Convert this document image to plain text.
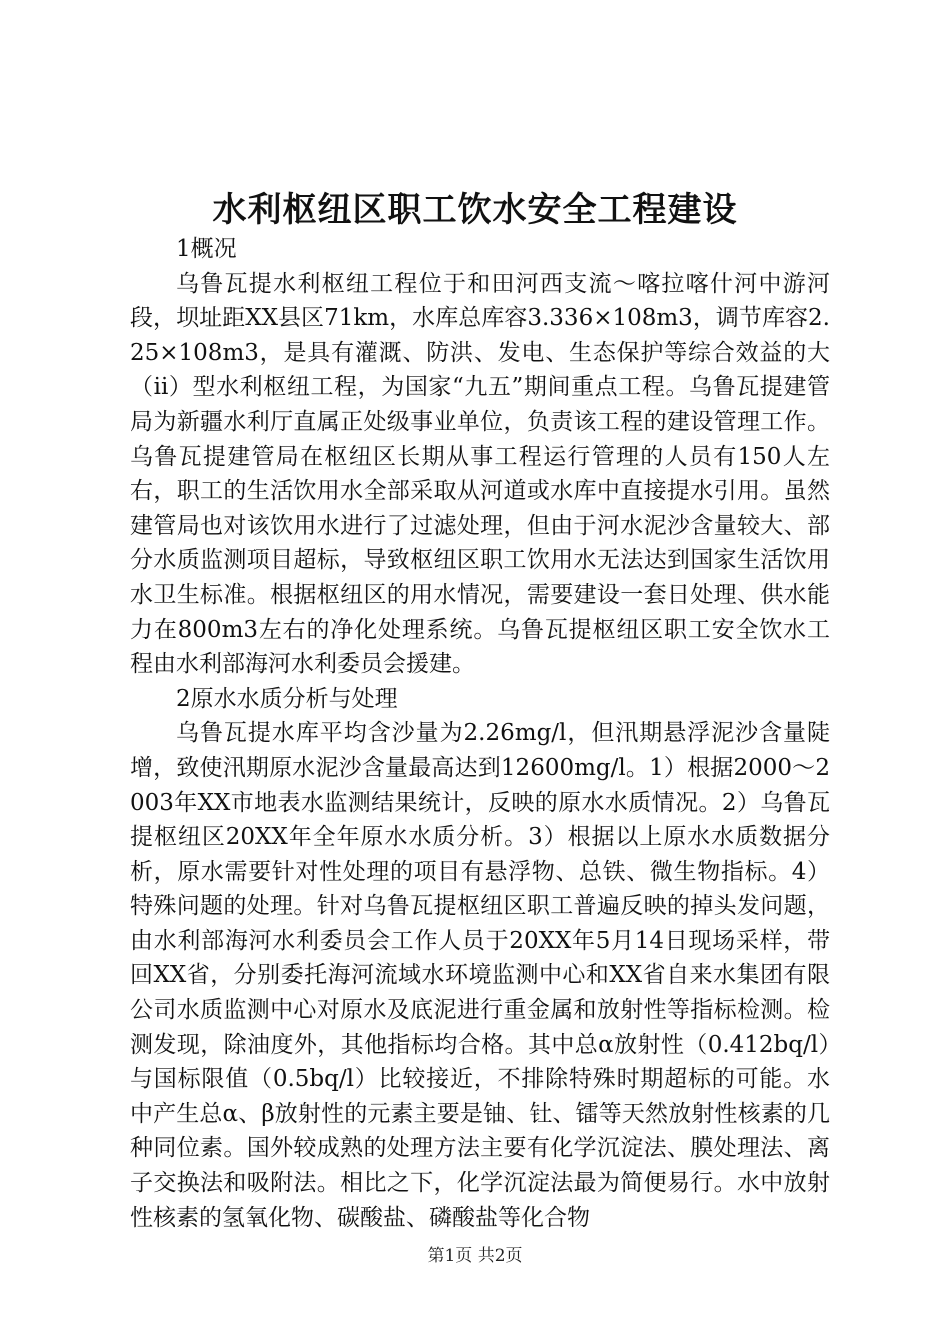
水利枢纽区职工饮水安全工程建设
1概况

乌鲁瓦提水利枢纽工程位于和田河西支流～喀拉喀什河中游河段，坝址距XX县区71km，水库总库容3.336×108m3，调节库容2.25×108m3，是具有灌溉、防洪、发电、生态保护等综合效益的大（ii）型水利枢纽工程，为国家“九五”期间重点工程。乌鲁瓦提建管局为新疆水利厅直属正处级事业单位，负责该工程的建设管理工作。乌鲁瓦提建管局在枢纽区长期从事工程运行管理的人员有150人左右，职工的生活饮用水全部采取从河道或水库中直接提水引用。虽然建管局也对该饮用水进行了过滤处理，但由于河水泥沙含量较大、部分水质监测项目超标，导致枢纽区职工饮用水无法达到国家生活饮用水卫生标准。根据枢纽区的用水情况，需要建设一套日处理、供水能力在800m3左右的净化处理系统。乌鲁瓦提枢纽区职工安全饮水工程由水利部海河水利委员会援建。

2原水水质分析与处理

乌鲁瓦提水库平均含沙量为2.26mg/l，但汛期悬浮泥沙含量陡增，致使汛期原水泥沙含量最高达到12600mg/l。1）根据2000～2003年XX市地表水监测结果统计，反映的原水水质情况。2）乌鲁瓦提枢纽区20XX年全年原水水质分析。3）根据以上原水水质数据分析，原水需要针对性处理的项目有悬浮物、总铁、微生物指标。4）特殊问题的处理。针对乌鲁瓦提枢纽区职工普遍反映的掉头发问题，由水利部海河水利委员会工作人员于20XX年5月14日现场采样，带回XX省，分别委托海河流域水环境监测中心和XX省自来水集团有限公司水质监测中心对原水及底泥进行重金属和放射性等指标检测。检测发现，除油度外，其他指标均合格。其中总α放射性（0.412bq/l）与国标限值（0.5bq/l）比较接近，不排除特殊时期超标的可能。水中产生总α、β放射性的元素主要是铀、钍、镭等天然放射性核素的几种同位素。国外较成熟的处理方法主要有化学沉淀法、膜处理法、离子交换法和吸附法。相比之下，化学沉淀法最为简便易行。水中放射性核素的氢氧化物、碳酸盐、磷酸盐等化合物

第1页 共2页
